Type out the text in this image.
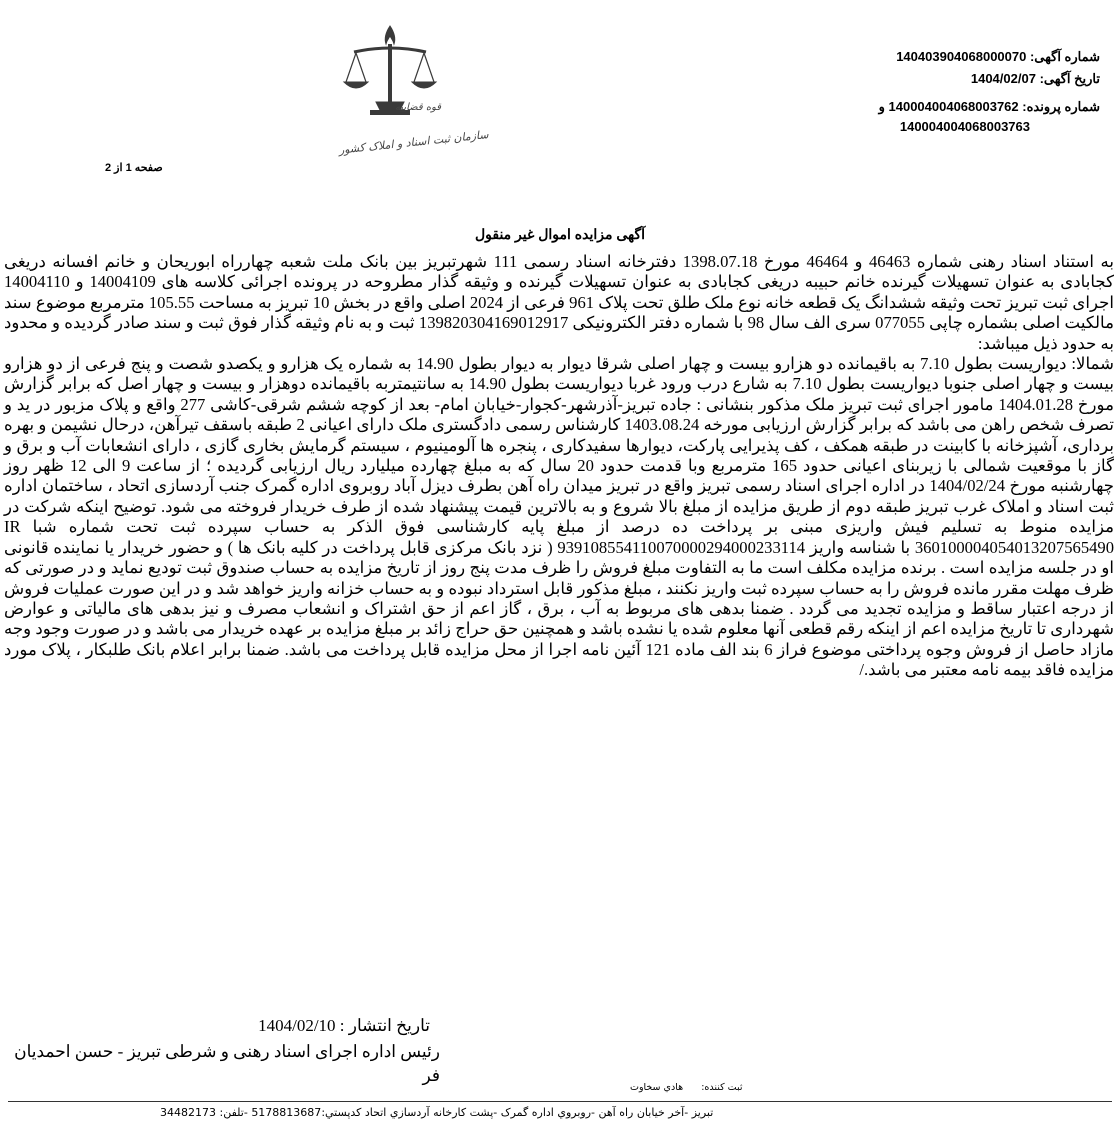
شماره آگهی: 140403904068000070
تاریخ آگهی: 1404/02/07
شماره پرونده: 140004004068003762 و
140004004068003763
قوه قضاییه
سازمان ثبت اسناد و املاک کشور
صفحه 1 از 2
آگهی مزایده اموال غیر منقول

به استناد اسناد رهنی شماره 46463 و 46464 مورخ 1398.07.18 دفترخانه اسناد رسمی 111 شهرتبریز بین بانک ملت شعبه چهارراه ابوریحان و خانم افسانه دریغی کجابادی به عنوان تسهیلات گیرنده خانم حبیبه دریغی کجابادی به عنوان تسهیلات گیرنده و وثیقه گذار مطروحه در پرونده اجرائی کلاسه های 14004109 و 14004110 اجرای ثبت تبریز تحت وثیقه ششدانگ یک قطعه خانه نوع ملک طلق تحت پلاک 961 فرعی از 2024 اصلی واقع در بخش 10 تبریز به مساحت 105.55 مترمربع موضوع سند مالکیت اصلی بشماره چاپی 077055 سری الف سال 98 با شماره دفتر الکترونیکی 139820304169012917 ثبت و به نام وثیقه گذار فوق ثبت و سند صادر گردیده و محدود به حدود ذیل میباشد:

شمالا: دیواریست بطول 7.10 به باقیمانده دو هزارو بیست و چهار اصلی شرقا دیوار به دیوار بطول 14.90 به شماره یک هزارو و یکصدو شصت و پنج فرعی از دو هزارو بیست و چهار اصلی جنوبا دیواریست بطول 7.10 به شارع درب ورود غربا دیواریست بطول 14.90 به سانتیمتربه باقیمانده دوهزار و بیست و چهار اصل که برابر گزارش مورخ 1404.01.28 مامور اجرای ثبت تبریز ملک مذکور بنشانی : جاده تبریز-آذرشهر-کجوار-خیابان امام- بعد از کوچه ششم شرقی-کاشی 277 واقع و پلاک مزبور در ید و تصرف شخص راهن می باشد که برابر گزارش ارزیابی مورخه 1403.08.24 کارشناس رسمی دادگستری ملک دارای اعیانی 2 طبقه باسقف تیرآهن، درحال نشیمن و بهره برداری، آشپزخانه با کابینت در طبقه همکف ، کف پذیرایی پارکت، دیوارها سفیدکاری ، پنجره ها آلومینیوم ، سیستم گرمایش بخاری گازی ، دارای انشعابات آب و برق و گاز با موقعیت شمالی با زیربنای اعیانی حدود 165 مترمربع وبا قدمت حدود 20 سال که به مبلغ چهارده میلیارد ریال ارزیابی گردیده ؛ از ساعت 9 الی 12 ظهر روز چهارشنبه مورخ 1404/02/24 در اداره اجرای اسناد رسمی تبریز واقع در تبریز میدان راه آهن بطرف دیزل آباد روبروی اداره گمرک جنب آردسازی اتحاد ، ساختمان اداره ثبت اسناد و املاک غرب تبریز طبقه دوم از طریق مزایده از مبلغ بالا شروع و به بالاترین قیمت پیشنهاد شده از طرف خریدار فروخته می شود. توضیح اینکه شرکت در مزایده منوط به تسلیم فیش واریزی مبنی بر پرداخت ده درصد از مبلغ پایه کارشناسی فوق الذکر به حساب سپرده ثبت تحت شماره شبا IR 360100004054013207565490 با شناسه واریز 939108554110070000294000233114 ( نزد بانک مرکزی قابل پرداخت در کلیه بانک ها ) و حضور خریدار یا نماینده قانونی او در جلسه مزایده است . برنده مزایده مکلف است ما به التفاوت مبلغ فروش را ظرف مدت پنج روز از تاریخ مزایده به حساب صندوق ثبت تودیع نماید و در صورتی که ظرف مهلت مقرر مانده فروش را به حساب سپرده ثبت واریز نکنند ، مبلغ مذکور قابل استرداد نبوده و به حساب خزانه واریز خواهد شد و در این صورت عملیات فروش از درجه اعتبار ساقط و مزایده تجدید می گردد . ضمنا بدهی های مربوط به آب ، برق ، گاز اعم از حق اشتراک و انشعاب مصرف و نیز بدهی های مالیاتی و عوارض شهرداری تا تاریخ مزایده اعم از اینکه رقم قطعی آنها معلوم شده یا نشده باشد و همچنین حق حراج زائد بر مبلغ مزایده بر عهده خریدار می باشد و در صورت وجود وجه مازاد حاصل از فروش وجوه پرداختی موضوع فراز 6 بند الف ماده 121 آئین نامه اجرا از محل مزایده قابل پرداخت می باشد. ضمنا برابر اعلام بانک طلبکار ، پلاک مورد مزایده فاقد بیمه نامه معتبر می باشد./

تاریخ انتشار : 1404/02/10
رئیس اداره اجرای اسناد رهنی و شرطی تبریز - حسن احمدیان فر
ثبت کننده:      هادي سخاوت
تبریز -آخر خیابان راه آهن -روبروي اداره گمرک -پشت کارخانه آردسازي اتحاد کدپستي:5178813687 -تلفن: 34482173
